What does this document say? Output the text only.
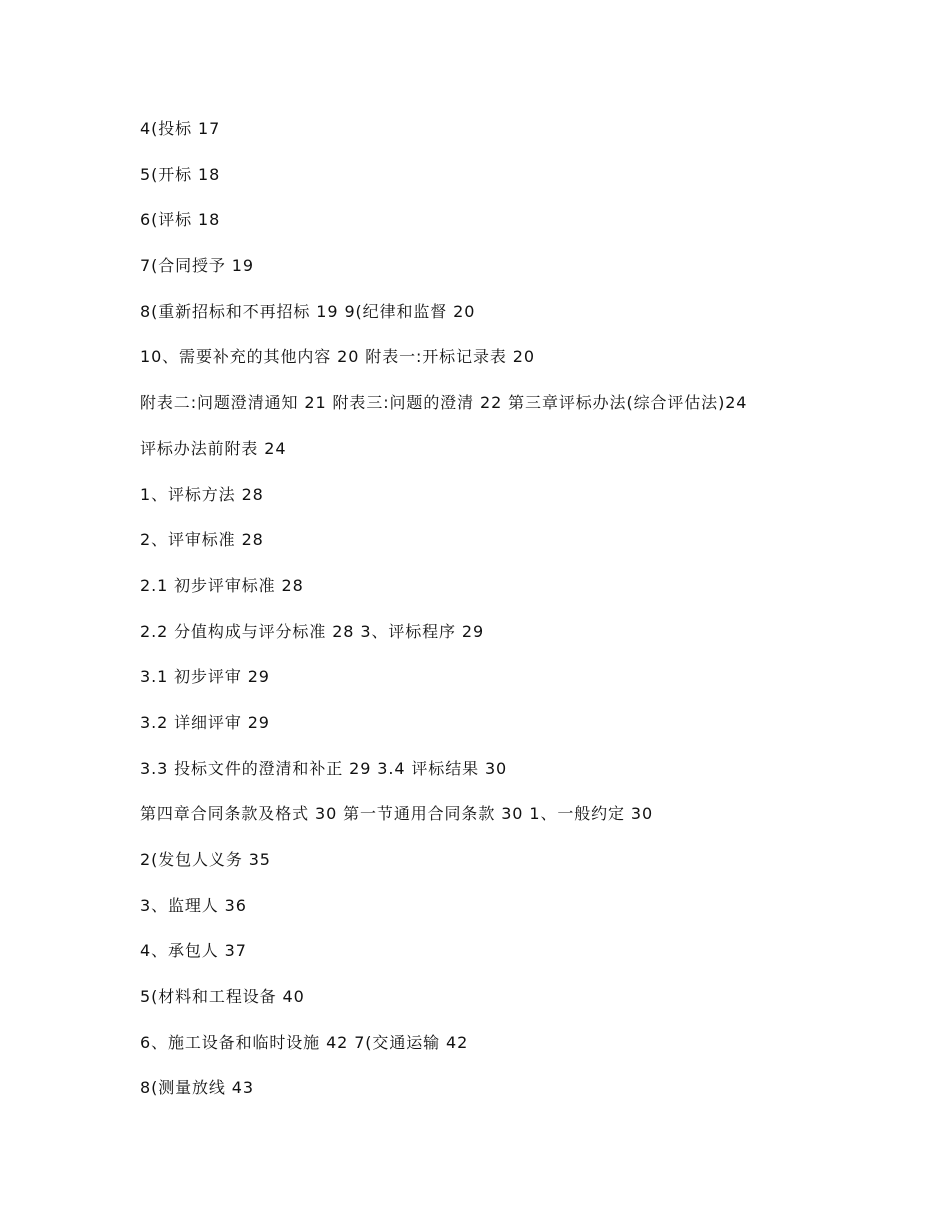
4(投标 17
5(开标 18
6(评标 18
7(合同授予 19
8(重新招标和不再招标 19 9(纪律和监督 20
10、需要补充的其他内容 20 附表一:开标记录表 20
附表二:问题澄清通知 21 附表三:问题的澄清 22 第三章评标办法(综合评估法)24
评标办法前附表 24
1、评标方法 28
2、评审标准 28
2.1 初步评审标准 28
2.2 分值构成与评分标准 28 3、评标程序 29
3.1 初步评审 29
3.2 详细评审 29
3.3 投标文件的澄清和补正 29 3.4 评标结果 30
第四章合同条款及格式 30 第一节通用合同条款 30 1、一般约定 30
2(发包人义务 35
3、监理人 36
4、承包人 37
5(材料和工程设备 40
6、施工设备和临时设施 42 7(交通运输 42
8(测量放线 43
